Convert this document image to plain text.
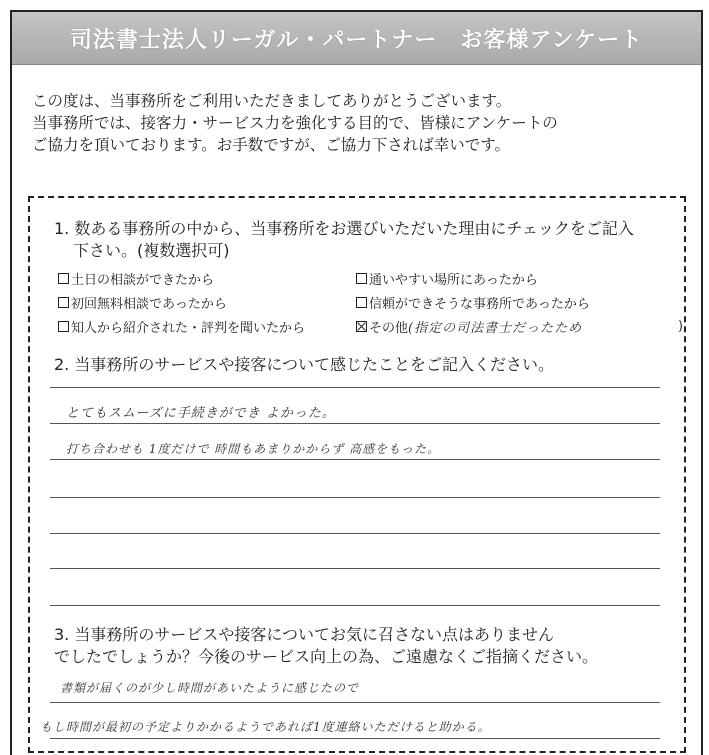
司法書士法人リーガル・パートナー　お客様アンケート
この度は、当事務所をご利用いただきましてありがとうございます。
当事務所では、接客力・サービス力を強化する目的で、皆様にアンケートの
ご協力を頂いております。お手数ですが、ご協力下されば幸いです。
1. 数ある事務所の中から、当事務所をお選びいただいた理由にチェックをご記入
下さい。(複数選択可)
土日の相談ができたから	通いやすい場所にあったから
初回無料相談であったから	信頼ができそうな事務所であったから
知人から紹介された・評判を聞いたから	その他 (指定の司法書士だったため	)
2. 当事務所のサービスや接客について感じたことをご記入ください。
とてもスムーズに手続きができ よかった。
打ち合わせも 1度だけで 時間もあまりかからず 高感をもった。
3. 当事務所のサービスや接客についてお気に召さない点はありません
でしたでしょうか？今後のサービス向上の為、ご遠慮なくご指摘ください。
書類が届くのが少し時間があいたように感じたので
もし時間が最初の予定よりかかるようであれば1度連絡いただけると助かる。
